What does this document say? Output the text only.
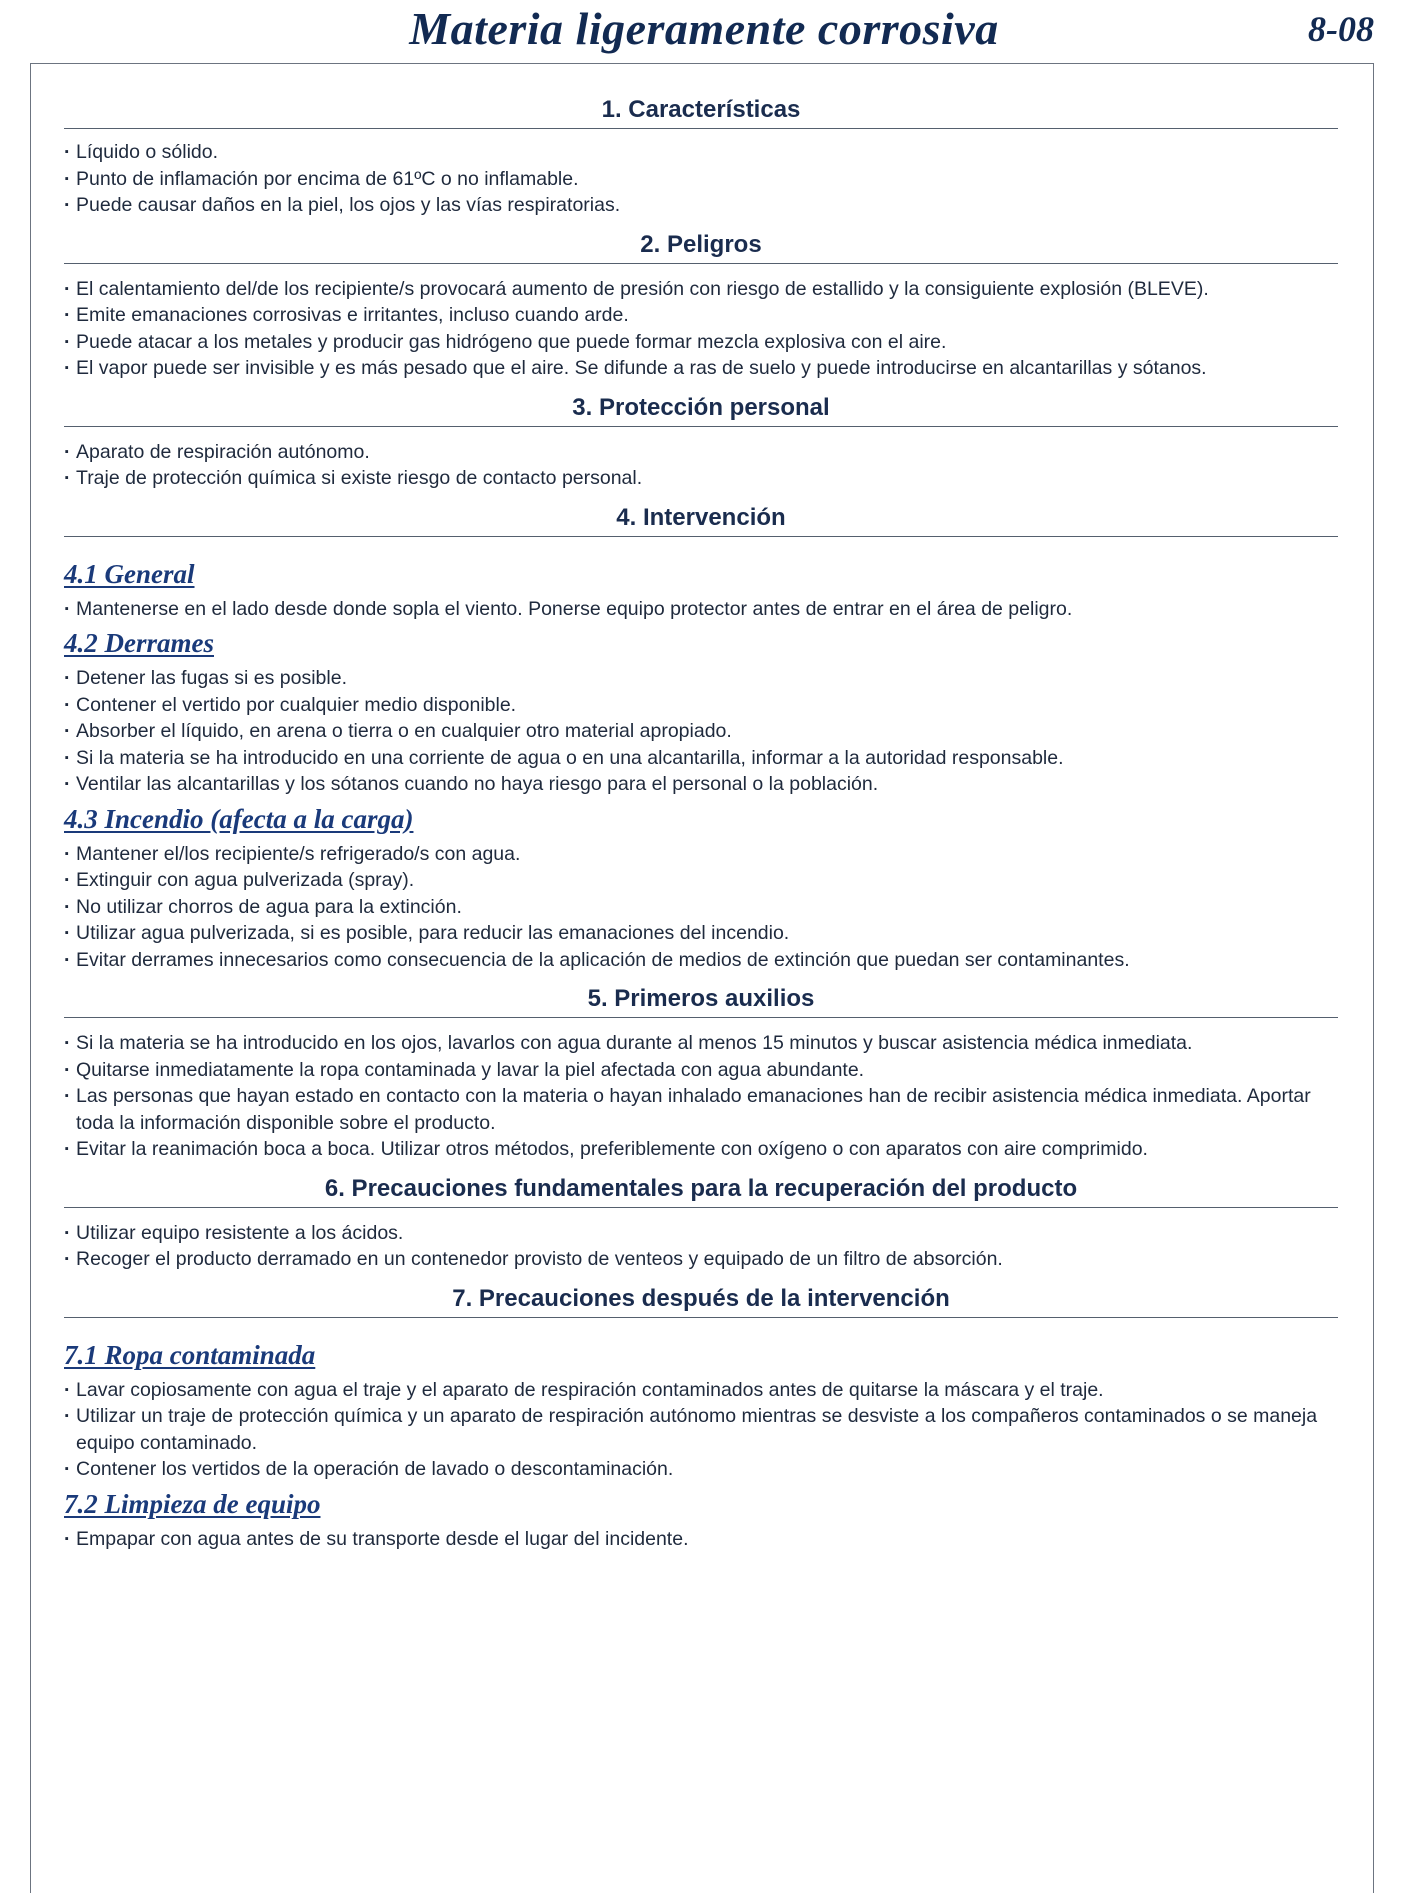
Materia ligeramente corrosiva	8-08
1. Características
· Líquido o sólido.
· Punto de inflamación por encima de 61ºC o no inflamable.
· Puede causar daños en la piel, los ojos y las vías respiratorias.
2. Peligros
· El calentamiento del/de los recipiente/s provocará aumento de presión con riesgo de estallido y la consiguiente explosión (BLEVE).
· Emite emanaciones corrosivas e irritantes, incluso cuando arde.
· Puede atacar a los metales y producir gas hidrógeno que puede formar mezcla explosiva con el aire.
· El vapor puede ser invisible y es más pesado que el aire. Se difunde a ras de suelo y puede introducirse en alcantarillas y sótanos.
3. Protección personal
· Aparato de respiración autónomo.
· Traje de protección química si existe riesgo de contacto personal.
4. Intervención
4.1 General
· Mantenerse en el lado desde donde sopla el viento. Ponerse equipo protector antes de entrar en el área de peligro.
4.2 Derrames
· Detener las fugas si es posible.
· Contener el vertido por cualquier medio disponible.
· Absorber el líquido, en arena o tierra o en cualquier otro material apropiado.
· Si la materia se ha introducido en una corriente de agua o en una alcantarilla, informar a la autoridad responsable.
· Ventilar las alcantarillas y los sótanos cuando no haya riesgo para el personal o la población.
4.3 Incendio (afecta a la carga)
· Mantener el/los recipiente/s refrigerado/s con agua.
· Extinguir con agua pulverizada (spray).
· No utilizar chorros de agua para la extinción.
· Utilizar agua pulverizada, si es posible, para reducir las emanaciones del incendio.
· Evitar derrames innecesarios como consecuencia de la aplicación de medios de extinción que puedan ser contaminantes.
5. Primeros auxilios
· Si la materia se ha introducido en los ojos, lavarlos con agua durante al menos 15 minutos y buscar asistencia médica inmediata.
· Quitarse inmediatamente la ropa contaminada y lavar la piel afectada con agua abundante.
· Las personas que hayan estado en contacto con la materia o hayan inhalado emanaciones han de recibir asistencia médica inmediata. Aportar toda la información disponible sobre el producto.
· Evitar la reanimación boca a boca. Utilizar otros métodos, preferiblemente con oxígeno o con aparatos con aire comprimido.
6. Precauciones fundamentales para la recuperación del producto
· Utilizar equipo resistente a los ácidos.
· Recoger el producto derramado en un contenedor provisto de venteos y equipado de un filtro de absorción.
7. Precauciones después de la intervención
7.1 Ropa contaminada
· Lavar copiosamente con agua el traje y el aparato de respiración contaminados antes de quitarse la máscara y el traje.
· Utilizar un traje de protección química y un aparato de respiración autónomo mientras se desviste a los compañeros contaminados o se maneja equipo contaminado.
· Contener los vertidos de la operación de lavado o descontaminación.
7.2 Limpieza de equipo
· Empapar con agua antes de su transporte desde el lugar del incidente.
